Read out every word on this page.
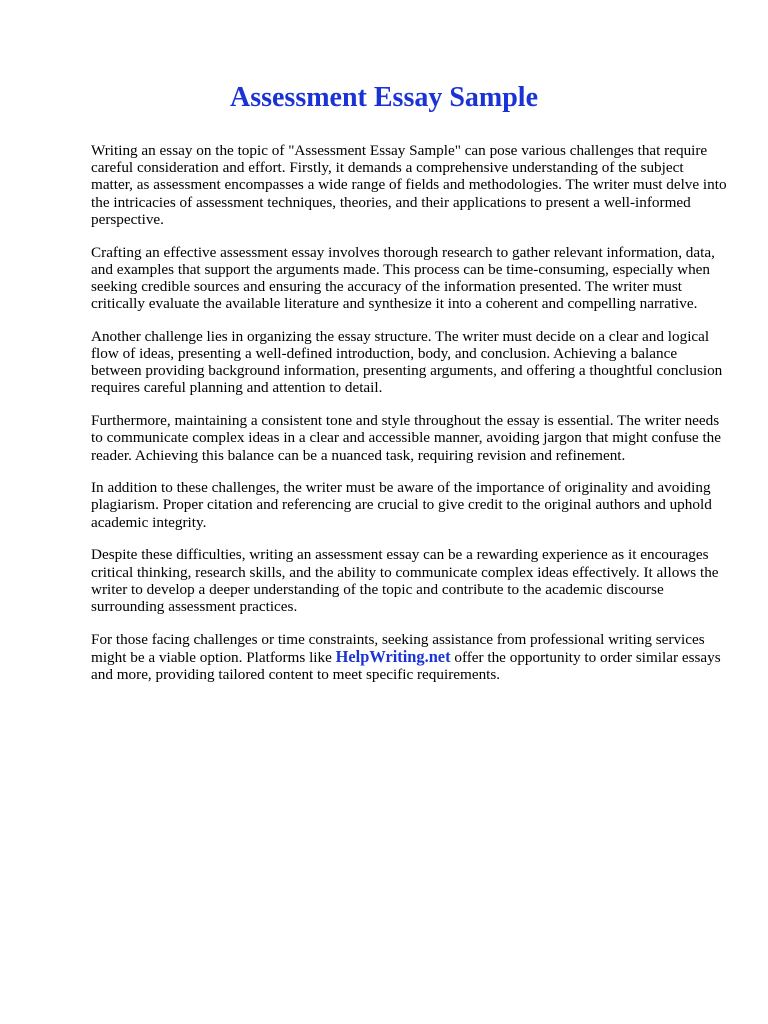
Assessment Essay Sample

Writing an essay on the topic of "Assessment Essay Sample" can pose various challenges that require careful consideration and effort. Firstly, it demands a comprehensive understanding of the subject matter, as assessment encompasses a wide range of fields and methodologies. The writer must delve into the intricacies of assessment techniques, theories, and their applications to present a well-informed perspective.

Crafting an effective assessment essay involves thorough research to gather relevant information, data, and examples that support the arguments made. This process can be time-consuming, especially when seeking credible sources and ensuring the accuracy of the information presented. The writer must critically evaluate the available literature and synthesize it into a coherent and compelling narrative.

Another challenge lies in organizing the essay structure. The writer must decide on a clear and logical flow of ideas, presenting a well-defined introduction, body, and conclusion. Achieving a balance between providing background information, presenting arguments, and offering a thoughtful conclusion requires careful planning and attention to detail.

Furthermore, maintaining a consistent tone and style throughout the essay is essential. The writer needs to communicate complex ideas in a clear and accessible manner, avoiding jargon that might confuse the reader. Achieving this balance can be a nuanced task, requiring revision and refinement.

In addition to these challenges, the writer must be aware of the importance of originality and avoiding plagiarism. Proper citation and referencing are crucial to give credit to the original authors and uphold academic integrity.

Despite these difficulties, writing an assessment essay can be a rewarding experience as it encourages critical thinking, research skills, and the ability to communicate complex ideas effectively. It allows the writer to develop a deeper understanding of the topic and contribute to the academic discourse surrounding assessment practices.

For those facing challenges or time constraints, seeking assistance from professional writing services might be a viable option. Platforms like HelpWriting.net offer the opportunity to order similar essays and more, providing tailored content to meet specific requirements.
